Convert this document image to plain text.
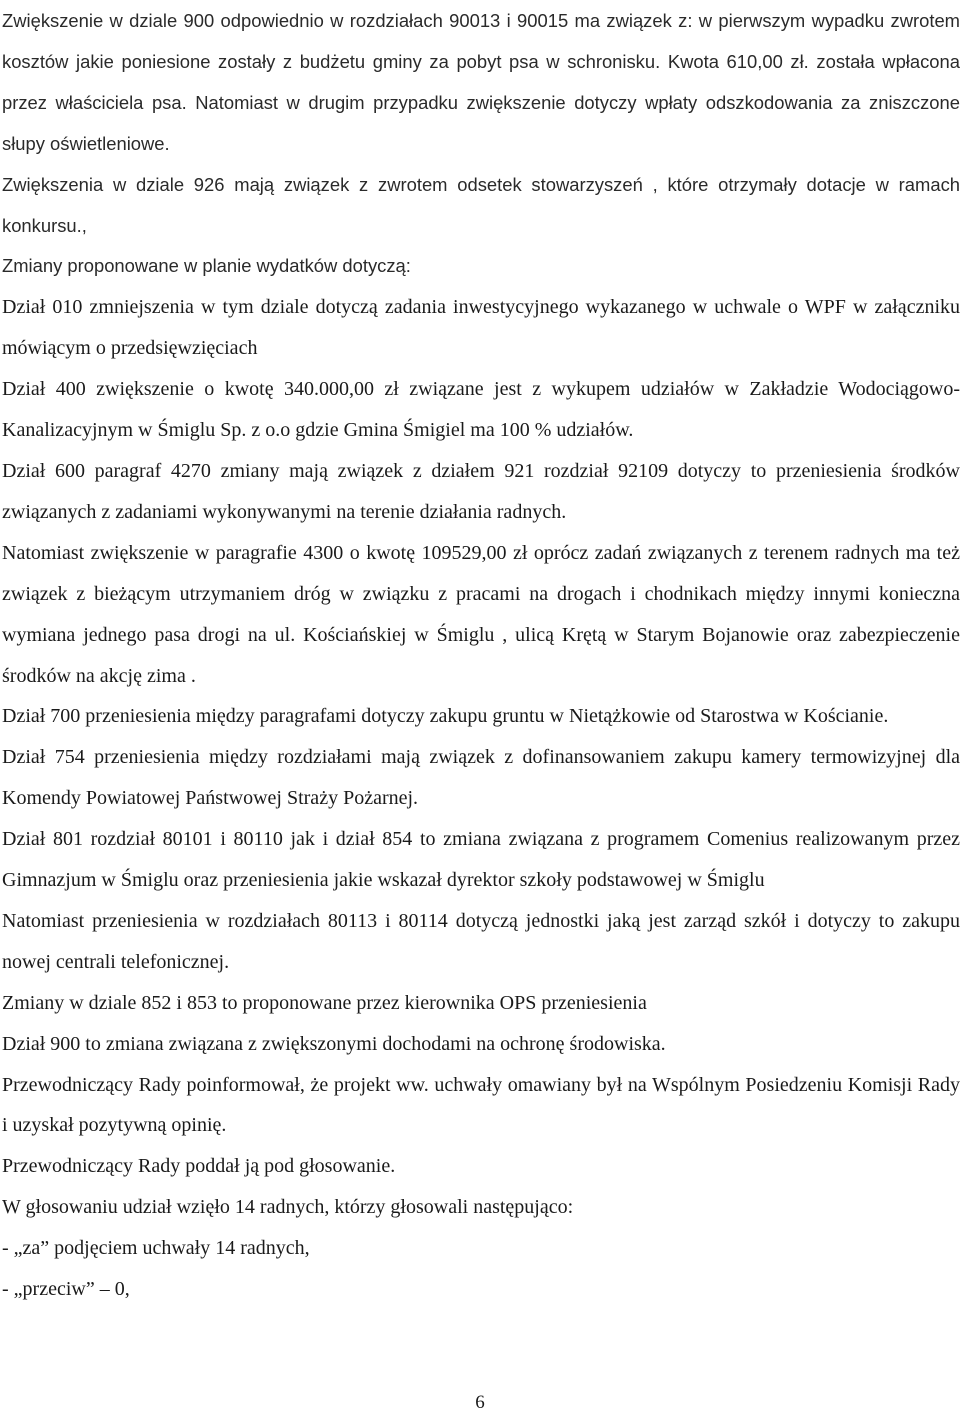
Zwiększenie w dziale 900 odpowiednio w rozdziałach 90013 i 90015 ma związek z: w pierwszym wypadku zwrotem kosztów jakie poniesione zostały z budżetu gminy za pobyt psa w schronisku. Kwota 610,00 zł. została wpłacona przez właściciela psa. Natomiast w drugim przypadku zwiększenie dotyczy wpłaty odszkodowania za zniszczone słupy oświetleniowe.

Zwiększenia w dziale 926 mają związek z zwrotem odsetek stowarzyszeń , które otrzymały dotacje w ramach konkursu.,

Zmiany proponowane w planie wydatków dotyczą:

Dział 010 zmniejszenia w tym dziale dotyczą zadania inwestycyjnego wykazanego w uchwale o WPF w załączniku mówiącym o przedsięwzięciach

Dział 400 zwiększenie o kwotę 340.000,00 zł związane jest z wykupem udziałów w Zakładzie Wodociągowo-Kanalizacyjnym w Śmiglu Sp. z o.o gdzie Gmina Śmigiel ma 100 % udziałów.

Dział 600 paragraf 4270 zmiany mają związek z działem 921 rozdział 92109 dotyczy to przeniesienia środków związanych z zadaniami wykonywanymi na terenie działania radnych.

Natomiast zwiększenie w paragrafie 4300 o kwotę 109529,00 zł oprócz zadań związanych z terenem radnych ma też związek z bieżącym utrzymaniem dróg w związku z pracami na drogach i chodnikach między innymi konieczna wymiana jednego pasa drogi na ul. Kościańskiej w Śmiglu , ulicą Krętą w Starym Bojanowie oraz zabezpieczenie środków na akcję zima .

Dział 700 przeniesienia między paragrafami dotyczy zakupu gruntu w Nietążkowie od Starostwa w Kościanie.

Dział 754 przeniesienia między rozdziałami mają związek z dofinansowaniem zakupu kamery termowizyjnej dla Komendy Powiatowej Państwowej Straży Pożarnej.

Dział 801 rozdział 80101 i 80110 jak i dział 854 to zmiana związana z programem Comenius realizowanym przez Gimnazjum w Śmiglu oraz przeniesienia jakie wskazał dyrektor szkoły podstawowej w Śmiglu

Natomiast przeniesienia w rozdziałach 80113 i 80114 dotyczą jednostki jaką jest zarząd szkół i dotyczy to zakupu nowej centrali telefonicznej.

Zmiany w dziale 852 i 853 to proponowane przez kierownika OPS przeniesienia

Dział 900 to zmiana związana z zwiększonymi dochodami na ochronę środowiska.

Przewodniczący Rady poinformował, że projekt ww. uchwały omawiany był na Wspólnym Posiedzeniu Komisji Rady i uzyskał pozytywną opinię.

Przewodniczący Rady poddał ją pod głosowanie.

W głosowaniu udział wzięło 14 radnych, którzy głosowali następująco:

- „za” podjęciem uchwały 14 radnych,

- „przeciw” – 0,

6
